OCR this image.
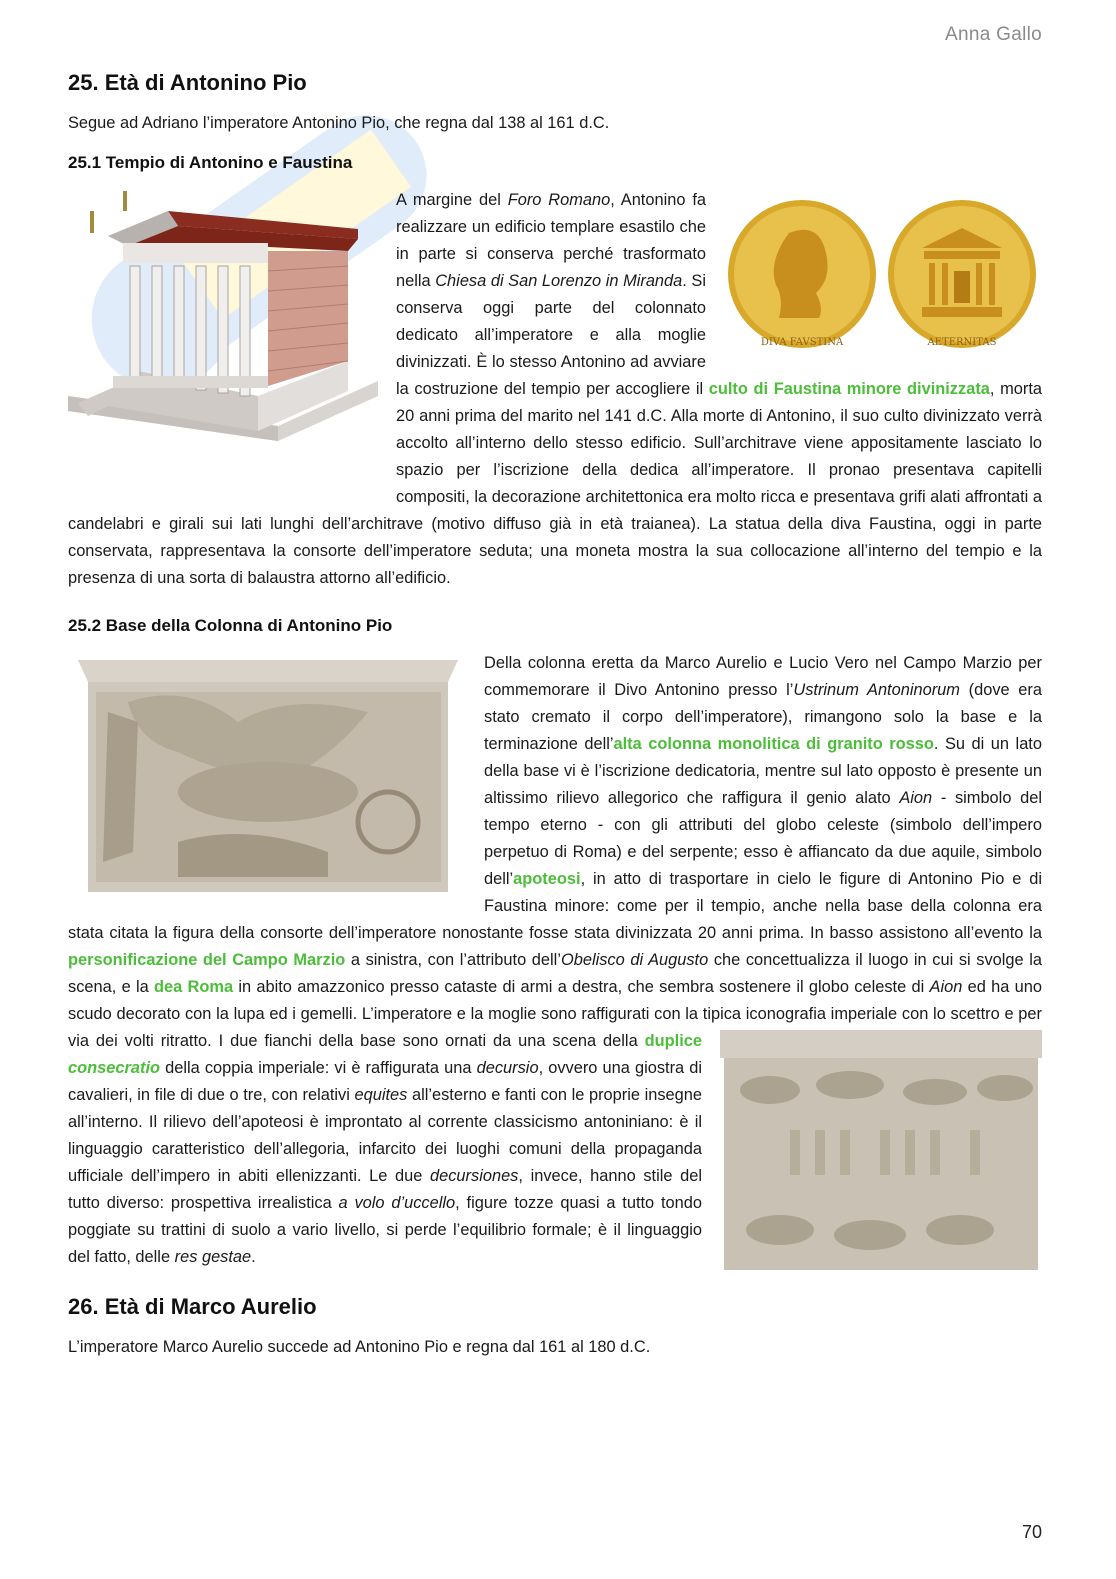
Anna Gallo
25. Età di Antonino Pio

Segue ad Adriano l’imperatore Antonino Pio, che regna dal 138 al 161 d.C.

25.1 Tempio di Antonino e Faustina
DIVA FAVSTINA	AETERNITAS

A margine del Foro Romano, Antonino fa realizzare un edificio templare esastilo che in parte si conserva perché trasformato nella Chiesa di San Lorenzo in Miranda. Si conserva oggi parte del colonnato dedicato all’imperatore e alla moglie divinizzati. È lo stesso Antonino ad avviare la costruzione del tempio per accogliere il culto di Faustina minore divinizzata, morta 20 anni prima del marito nel 141 d.C. Alla morte di Antonino, il suo culto divinizzato verrà accolto all’interno dello stesso edificio. Sull’architrave viene appositamente lasciato lo spazio per l’iscrizione della dedica all’imperatore. Il pronao presentava capitelli compositi, la decorazione architettonica era molto ricca e presentava grifi alati affrontati a candelabri e girali sui lati lunghi dell’architrave (motivo diffuso già in età traianea). La statua della diva Faustina, oggi in parte conservata, rappresentava la consorte dell’imperatore seduta; una moneta mostra la sua collocazione all’interno del tempio e la presenza di una sorta di balaustra attorno all’edificio.

25.2 Base della Colonna di Antonino Pio

Della colonna eretta da Marco Aurelio e Lucio Vero nel Campo Marzio per commemorare il Divo Antonino presso l’Ustrinum Antoninorum (dove era stato cremato il corpo dell’imperatore), rimangono solo la base e la terminazione dell’alta colonna monolitica di granito rosso. Su di un lato della base vi è l’iscrizione dedicatoria, mentre sul lato opposto è presente un altissimo rilievo allegorico che raffigura il genio alato Aion - simbolo del tempo eterno - con gli attributi del globo celeste (simbolo dell’impero perpetuo di Roma) e del serpente; esso è affiancato da due aquile, simbolo dell’apoteosi, in atto di trasportare in cielo le figure di Antonino Pio e di Faustina minore: come per il tempio, anche nella base della colonna era stata citata la figura della consorte dell’imperatore nonostante fosse stata divinizzata 20 anni prima. In basso assistono all’evento la personificazione del Campo Marzio a sinistra, con l’attributo dell’Obelisco di Augusto che concettualizza il luogo in cui si svolge la scena, e la dea Roma in abito amazzonico presso cataste di armi a destra, che sembra sostenere il globo celeste di Aion ed ha uno scudo decorato con la lupa ed i gemelli. L’imperatore e la moglie sono raffigurati con la tipica iconografia imperiale con lo scettro e per via dei volti ritratto. I due fianchi della base sono ornati da una scena della
duplice consecratio della coppia imperiale: vi è raffigurata una decursio, ovvero una giostra di cavalieri, in file di due o tre, con relativi equites all’esterno e fanti con le proprie insegne all’interno. Il rilievo dell’apoteosi è improntato al corrente classicismo antoniniano: è il linguaggio caratteristico dell’allegoria, infarcito dei luoghi comuni della propaganda ufficiale dell’impero in abiti ellenizzanti. Le due decursiones, invece, hanno stile del tutto diverso: prospettiva irrealistica a volo d’uccello, figure tozze quasi a tutto tondo poggiate su trattini di suolo a vario livello, si perde l’equilibrio formale; è il linguaggio del fatto, delle res gestae.

26. Età di Marco Aurelio

L’imperatore Marco Aurelio succede ad Antonino Pio e regna dal 161 al 180 d.C.

70
